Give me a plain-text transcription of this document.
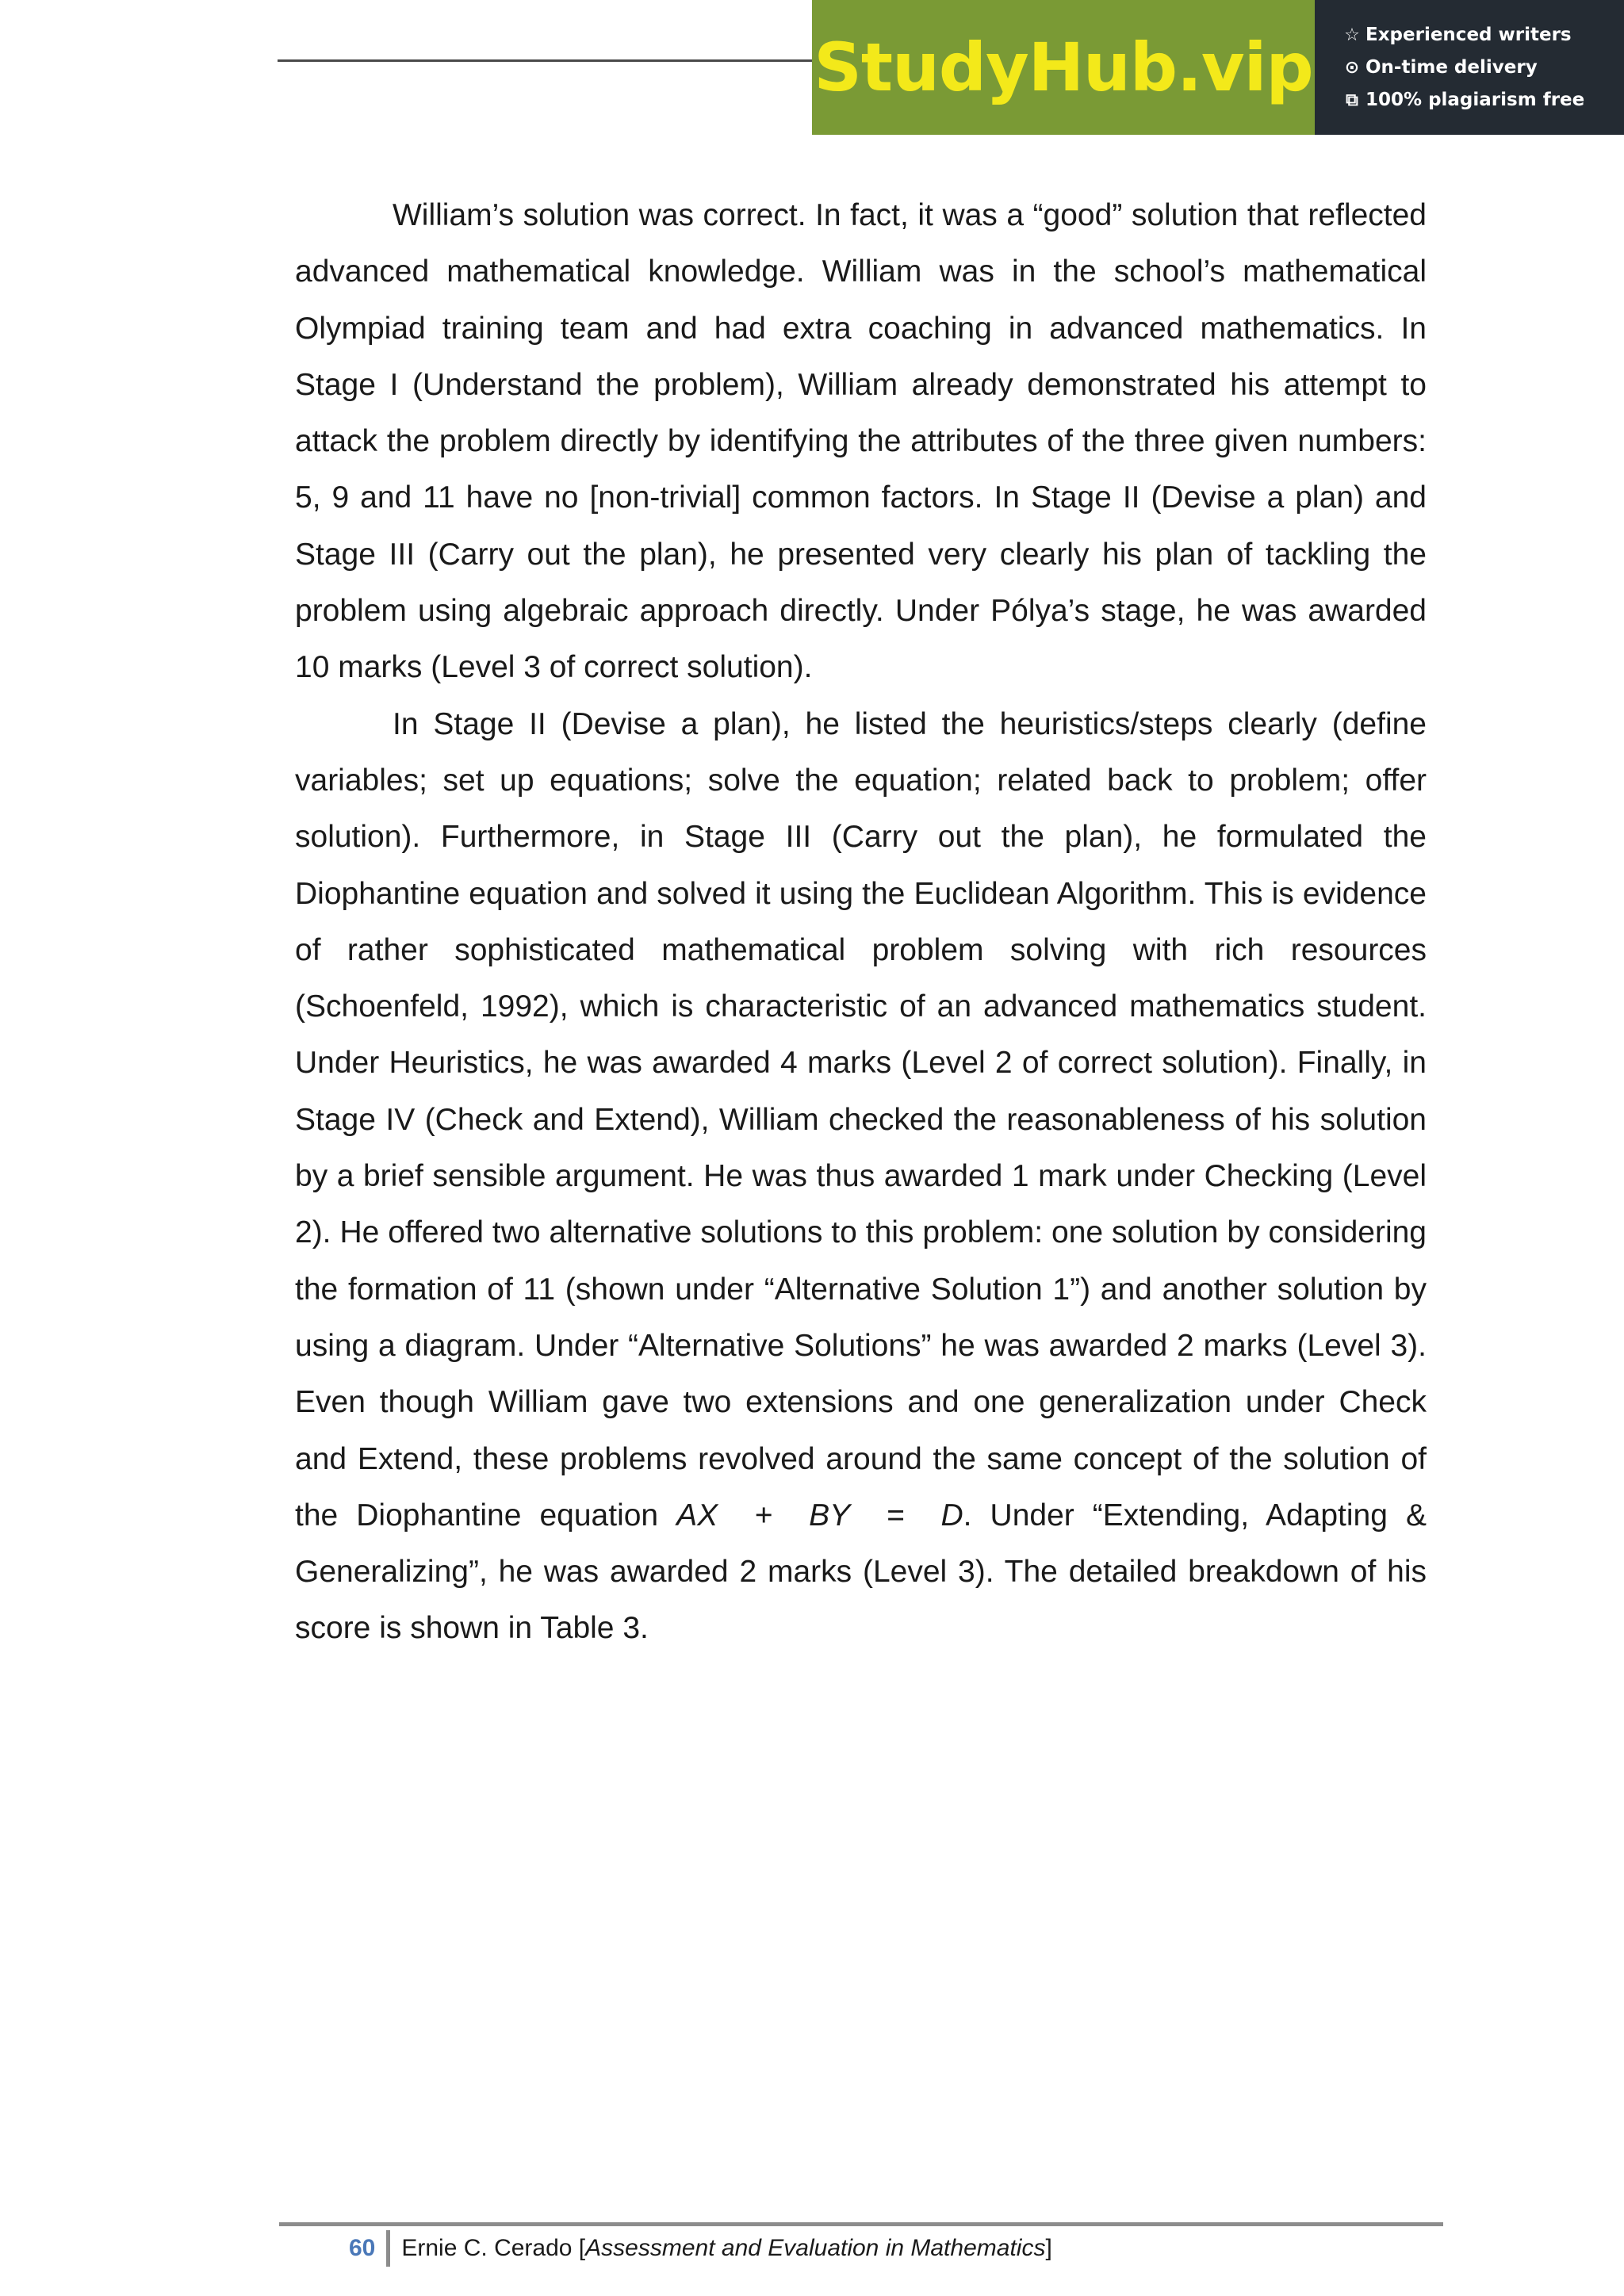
StudyHub.vip ☆ Experienced writers
⊙ On-time delivery
⧉ 100% plagiarism free

William’s solution was correct. In fact, it was a “good” solution that reflected advanced mathematical knowledge. William was in the school’s mathematical Olympiad training team and had extra coaching in advanced mathematics. In Stage I (Understand the problem), William already demonstrated his attempt to attack the problem directly by identifying the attributes of the three given numbers: 5, 9 and 11 have no [non-trivial] common factors. In Stage II (Devise a plan) and Stage III (Carry out the plan), he presented very clearly his plan of tackling the problem using algebraic approach directly. Under Pólya’s stage, he was awarded 10 marks (Level 3 of correct solution).

In Stage II (Devise a plan), he listed the heuristics/steps clearly (define variables; set up equations; solve the equation; related back to problem; offer solution). Furthermore, in Stage III (Carry out the plan), he formulated the Diophantine equation and solved it using the Euclidean Algorithm. This is evidence of rather sophisticated mathematical problem solving with rich resources (Schoenfeld, 1992), which is characteristic of an advanced mathematics student. Under Heuristics, he was awarded 4 marks (Level 2 of correct solution). Finally, in Stage IV (Check and Extend), William checked the reasonableness of his solution by a brief sensible argument. He was thus awarded 1 mark under Checking (Level 2). He offered two alternative solutions to this problem: one solution by considering the formation of 11 (shown under “Alternative Solution 1”) and another solution by using a diagram. Under “Alternative Solutions” he was awarded 2 marks (Level 3). Even though William gave two extensions and one generalization under Check and Extend, these problems revolved around the same concept of the solution of the Diophantine equation AX  +  BY  =  D. Under “Extending, Adapting & Generalizing”, he was awarded 2 marks (Level 3). The detailed breakdown of his score is shown in Table 3.

60	Ernie C. Cerado [ Assessment and Evaluation in Mathematics ]
